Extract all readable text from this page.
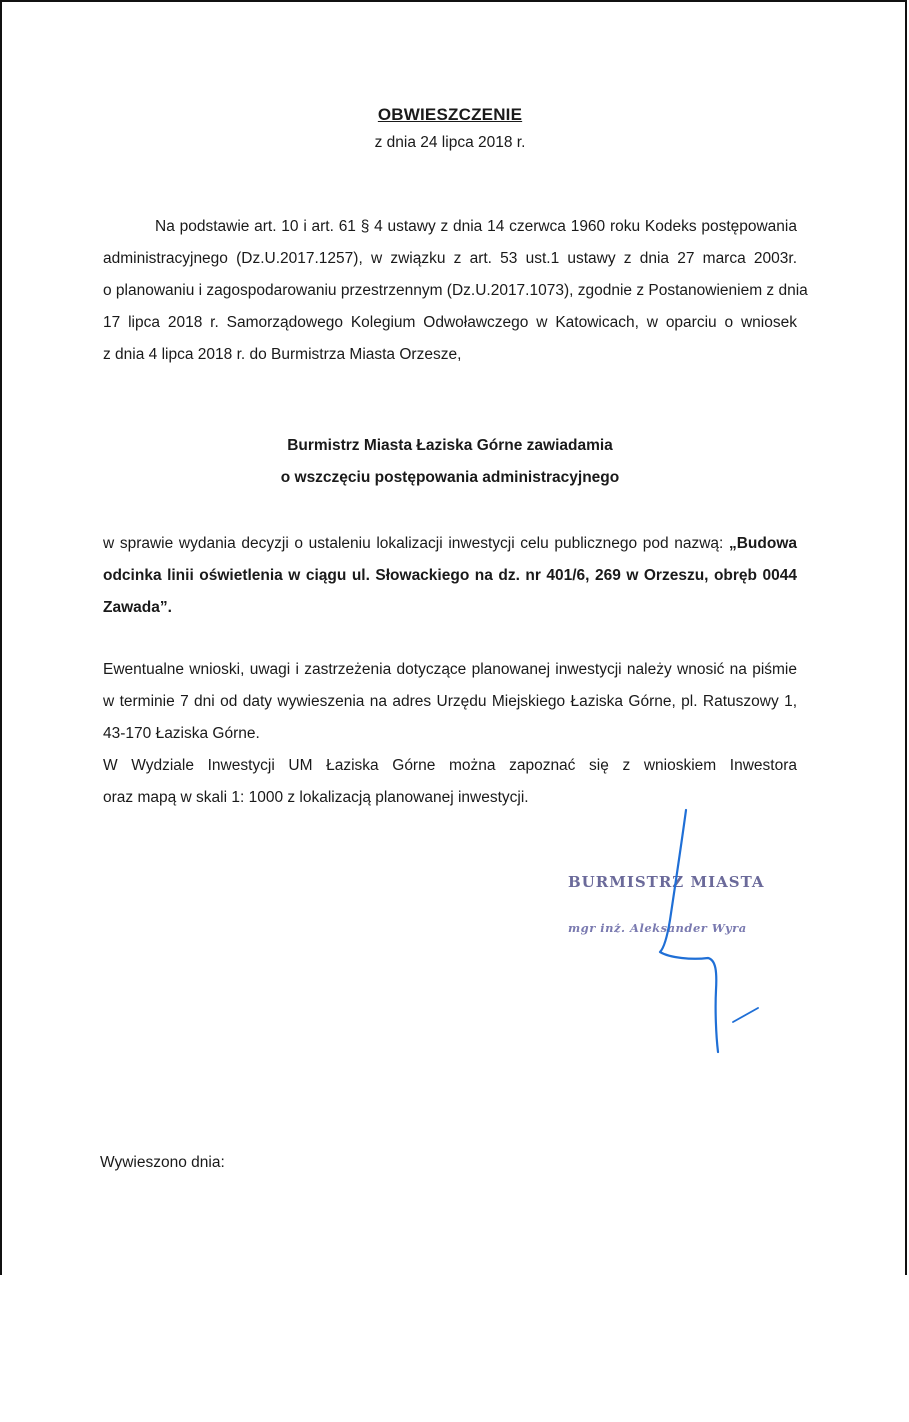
OBWIESZCZENIE
z dnia 24 lipca 2018 r.
Na podstawie art. 10 i art. 61 § 4 ustawy z dnia 14 czerwca 1960 roku Kodeks postępowania
administracyjnego (Dz.U.2017.1257), w związku z art. 53 ust.1 ustawy z dnia 27 marca 2003r.
o planowaniu i zagospodarowaniu przestrzennym (Dz.U.2017.1073), zgodnie z Postanowieniem z dnia
17 lipca 2018 r. Samorządowego Kolegium Odwoławczego w Katowicach, w oparciu o wniosek
z dnia 4 lipca 2018 r. do Burmistrza Miasta Orzesze,
Burmistrz Miasta Łaziska Górne zawiadamia
o wszczęciu postępowania administracyjnego
w sprawie wydania decyzji o ustaleniu lokalizacji inwestycji celu publicznego pod nazwą: „Budowa
odcinka linii oświetlenia w ciągu ul. Słowackiego na dz. nr 401/6, 269 w Orzeszu, obręb 0044
Zawada”.
Ewentualne wnioski, uwagi i zastrzeżenia dotyczące planowanej inwestycji należy wnosić na piśmie
w terminie 7 dni od daty wywieszenia na adres Urzędu Miejskiego Łaziska Górne, pl. Ratuszowy 1,
43-170 Łaziska Górne.
W Wydziale Inwestycji UM Łaziska Górne można zapoznać się z wnioskiem Inwestora
oraz mapą w skali 1: 1000 z lokalizacją planowanej inwestycji.
BURMISTRZ MIASTA
mgr inż. Aleksander Wyra
Wywieszono dnia:
